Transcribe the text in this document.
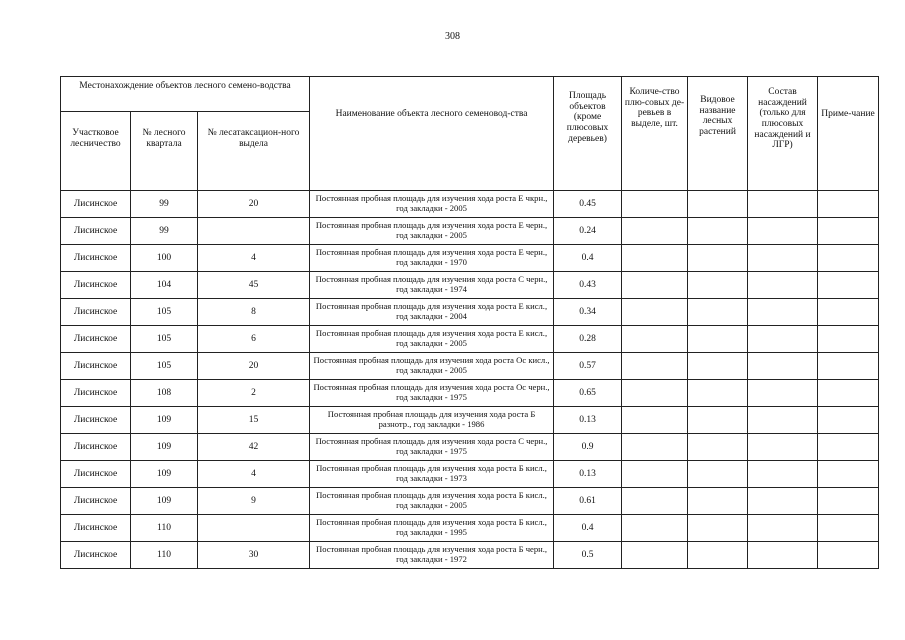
308
Местонахождение объектов лесного семено-водства			Наименование объекта лесного семеновод-ства	Площадь объектов (кроме плюсовых деревьев)	Количе-ство плю-совых де-ревьев в выделе, шт.	Видовое название лесных растений	Состав насаждений (только для плюсовых насаждений и ЛГР)	Приме-чание
Участковое лесничество	№ лесного квартала	№ лесатаксацион-ного выдела						
Лисинское	99	20	Постоянная пробная площадь для изучения хода роста Е чкрн., год закладки - 2005	0.45				
Лисинское	99		Постоянная пробная площадь для изучения хода роста Е черн., год закладки - 2005	0.24				
Лисинское	100	4	Постоянная пробная площадь для изучения хода роста Е черн., год закладки - 1970	0.4				
Лисинское	104	45	Постоянная пробная площадь для изучения хода роста С черн., год закладки - 1974	0.43				
Лисинское	105	8	Постоянная пробная площадь для изучения хода роста Е кисл., год закладки - 2004	0.34				
Лисинское	105	6	Постоянная пробная площадь для изучения хода роста Е кисл., год закладки - 2005	0.28				
Лисинское	105	20	Постоянная пробная площадь для изучения хода роста Ос кисл., год закладки - 2005	0.57				
Лисинское	108	2	Постоянная пробная площадь для изучения хода роста Ос черн., год закладки - 1975	0.65				
Лисинское	109	15	Постоянная пробная площадь для изучения хода роста Б разнотр., год закладки - 1986	0.13				
Лисинское	109	42	Постоянная пробная площадь для изучения хода роста С черн., год закладки - 1975	0.9				
Лисинское	109	4	Постоянная пробная площадь для изучения хода роста Б кисл., год закладки - 1973	0.13				
Лисинское	109	9	Постоянная пробная площадь для изучения хода роста Б кисл., год закладки - 2005	0.61				
Лисинское	110		Постоянная пробная площадь для изучения хода роста Б кисл., год закладки - 1995	0.4				
Лисинское	110	30	Постоянная пробная площадь для изучения хода роста Б черн., год закладки - 1972	0.5				
